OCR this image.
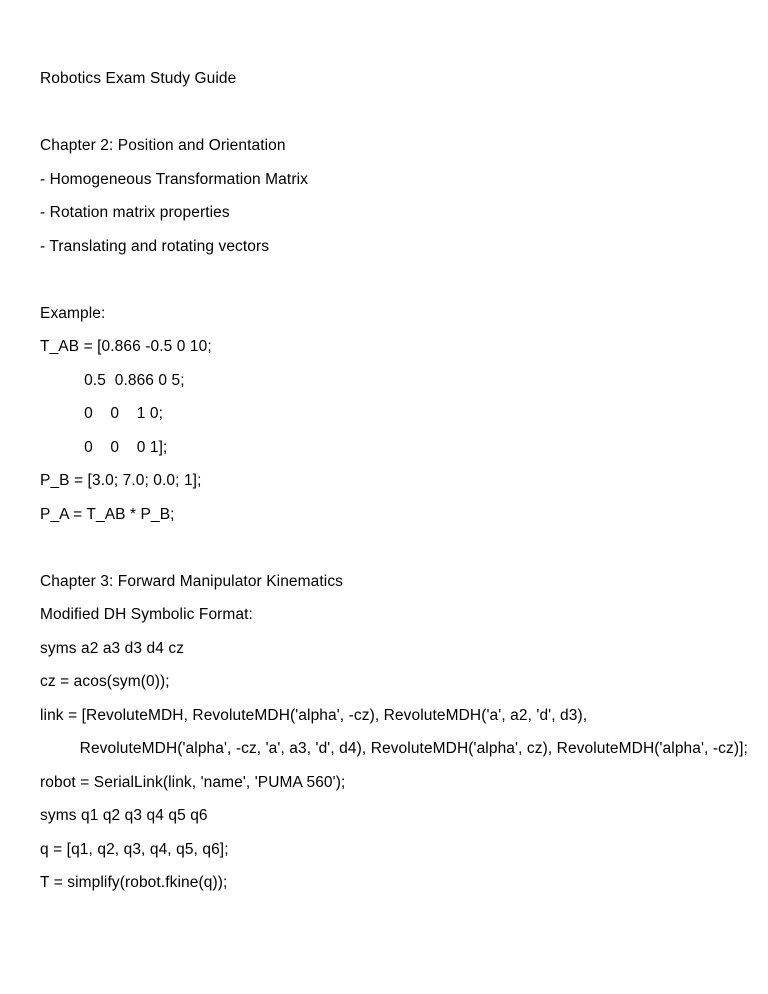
Robotics Exam Study Guide
Chapter 2: Position and Orientation
- Homogeneous Transformation Matrix
- Rotation matrix properties
- Translating and rotating vectors
Example:
T_AB = [0.866 -0.5 0 10;
0.5  0.866 0 5;
0    0    1 0;
0    0    0 1];
P_B = [3.0; 7.0; 0.0; 1];
P_A = T_AB * P_B;
Chapter 3: Forward Manipulator Kinematics
Modified DH Symbolic Format:
syms a2 a3 d3 d4 cz
cz = acos(sym(0));
link = [RevoluteMDH, RevoluteMDH('alpha', -cz), RevoluteMDH('a', a2, 'd', d3),
RevoluteMDH('alpha', -cz, 'a', a3, 'd', d4), RevoluteMDH('alpha', cz), RevoluteMDH('alpha', -cz)];
robot = SerialLink(link, 'name', 'PUMA 560');
syms q1 q2 q3 q4 q5 q6
q = [q1, q2, q3, q4, q5, q6];
T = simplify(robot.fkine(q));
